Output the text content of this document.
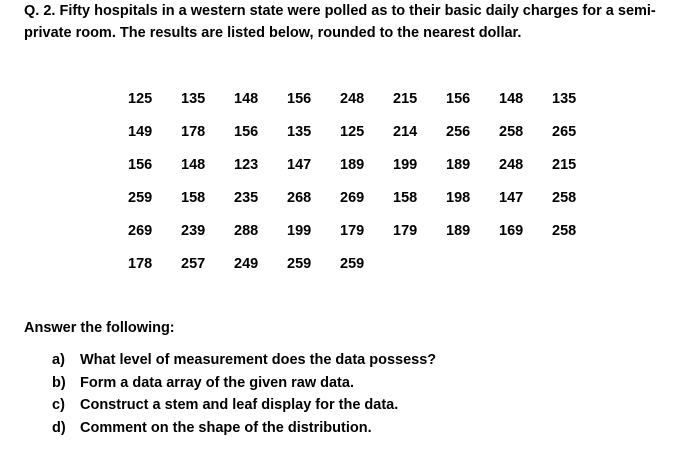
Q. 2. Fifty hospitals in a western state were polled as to their basic daily charges for a semi-private room. The results are listed below, rounded to the nearest dollar.
125	135	148	156	248	215	156	148	135
149	178	156	135	125	214	256	258	265
156	148	123	147	189	199	189	248	215
259	158	235	268	269	158	198	147	258
269	239	288	199	179	179	189	169	258
178	257	249	259	259				
Answer the following:
a) What level of measurement does the data possess?
b) Form a data array of the given raw data.
c) Construct a stem and leaf display for the data.
d) Comment on the shape of the distribution.
